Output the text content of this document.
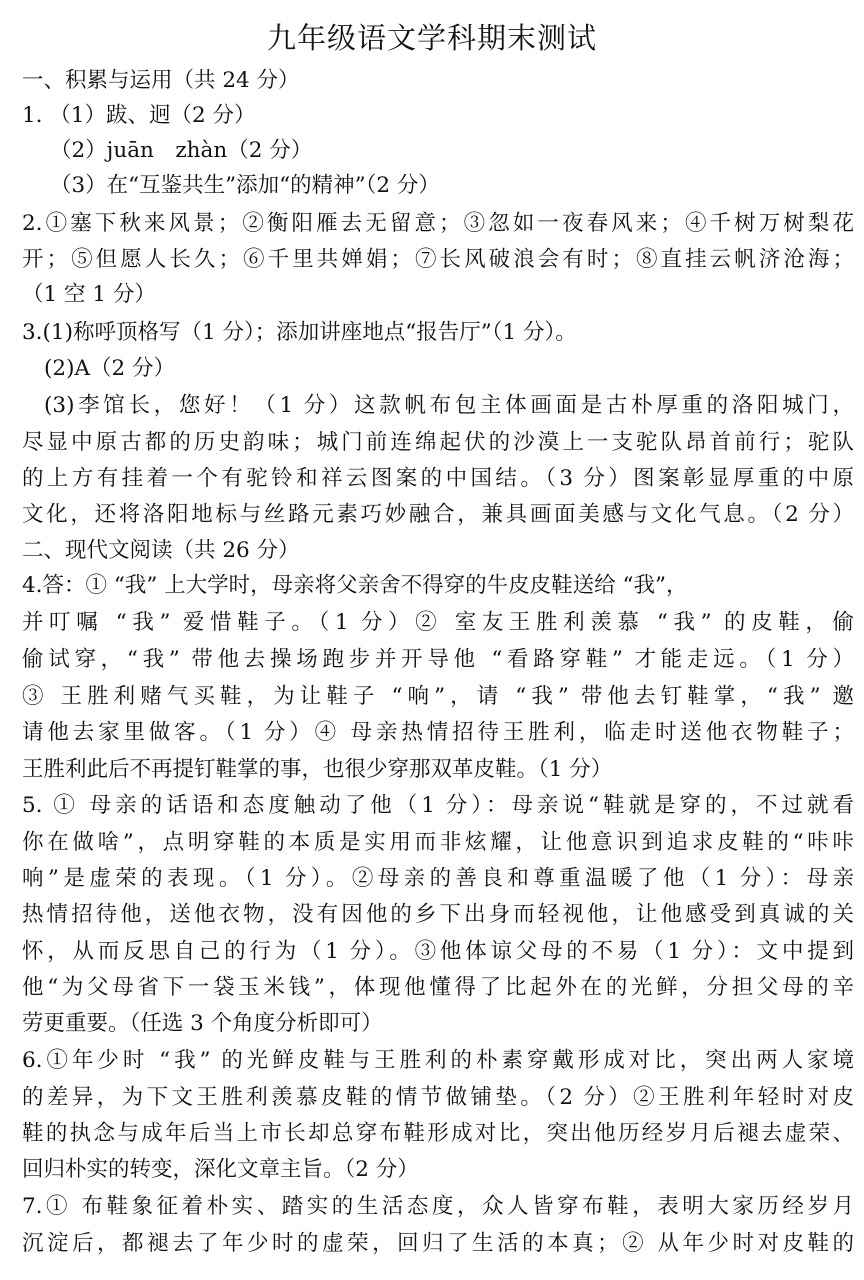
九年级语文学科期末测试
一、积累与运用（共 24 分）
1. （1）跋、迥（2 分）
（2）juān　zhàn（2 分）
（3）在“互鉴共生”添加“的精神”（2 分）
2.①塞下秋来风景；②衡阳雁去无留意；③忽如一夜春风来；④千树万树梨花
开；⑤但愿人长久；⑥千里共婵娟；⑦长风破浪会有时；⑧直挂云帆济沧海；
（1 空 1 分）
3.(1)称呼顶格写（1 分）；添加讲座地点“报告厅”（1 分）。
(2)A（2 分）
(3)李馆长，您好！（1 分）这款帆布包主体画面是古朴厚重的洛阳城门，
尽显中原古都的历史韵味；城门前连绵起伏的沙漠上一支驼队昂首前行；驼队
的上方有挂着一个有驼铃和祥云图案的中国结。（3 分）图案彰显厚重的中原
文化，还将洛阳地标与丝路元素巧妙融合，兼具画面美感与文化气息。（2 分）
二、现代文阅读（共 26 分）
4.答：① “我” 上大学时，母亲将父亲舍不得穿的牛皮皮鞋送给 “我”，
并叮嘱 “我” 爱惜鞋子。（1 分）② 室友王胜利羡慕 “我” 的皮鞋，偷
偷试穿，“我” 带他去操场跑步并开导他 “看路穿鞋” 才能走远。（1 分）
③ 王胜利赌气买鞋，为让鞋子 “响”，请 “我” 带他去钉鞋掌，“我” 邀
请他去家里做客。（1 分）④ 母亲热情招待王胜利，临走时送他衣物鞋子；
王胜利此后不再提钉鞋掌的事，也很少穿那双革皮鞋。（1 分）
5. ① 母亲的话语和态度触动了他（1 分）：母亲说“鞋就是穿的，不过就看
你在做啥”，点明穿鞋的本质是实用而非炫耀，让他意识到追求皮鞋的“咔咔
响”是虚荣的表现。（1 分）。②母亲的善良和尊重温暖了他（1 分）：母亲
热情招待他，送他衣物，没有因他的乡下出身而轻视他，让他感受到真诚的关
怀，从而反思自己的行为（1 分）。③他体谅父母的不易（1 分）：文中提到
他“为父母省下一袋玉米钱”，体现他懂得了比起外在的光鲜，分担父母的辛
劳更重要。（任选 3 个角度分析即可）
6.①年少时 “我” 的光鲜皮鞋与王胜利的朴素穿戴形成对比，突出两人家境
的差异，为下文王胜利羡慕皮鞋的情节做铺垫。（2 分）②王胜利年轻时对皮
鞋的执念与成年后当上市长却总穿布鞋形成对比，突出他历经岁月后褪去虚荣、
回归朴实的转变，深化文章主旨。（2 分）
7.① 布鞋象征着朴实、踏实的生活态度，众人皆穿布鞋，表明大家历经岁月
沉淀后，都褪去了年少时的虚荣，回归了生活的本真；② 从年少时对皮鞋的
